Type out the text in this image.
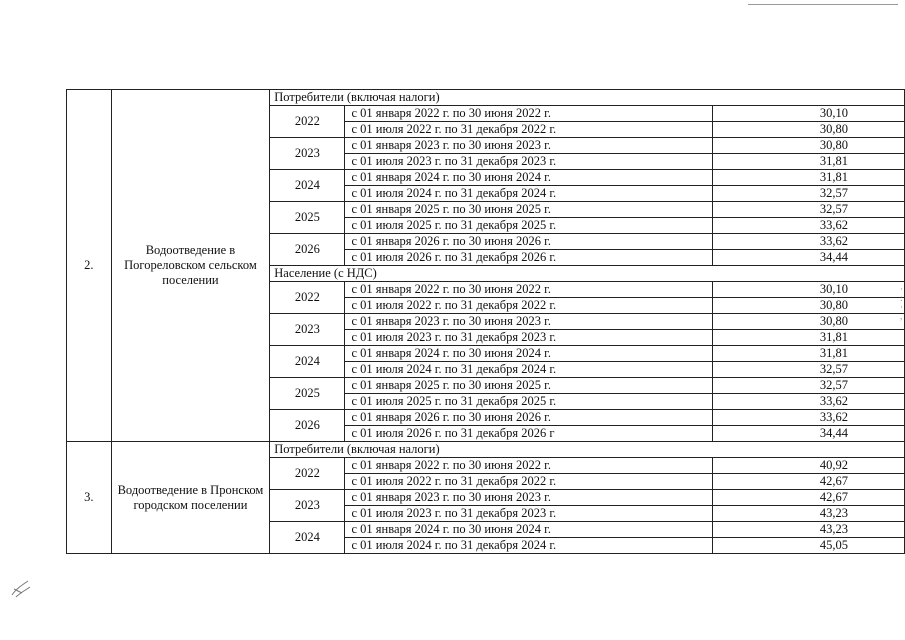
2.	Водоотведение в Погореловском сельском поселении	Потребители (включая налоги)		
		2022	с 01 января 2022 г. по 30 июня 2022 г.	30,10
			с 01 июля 2022 г. по 31 декабря 2022 г.	30,80
		2023	с 01 января 2023 г. по 30 июня 2023 г.	30,80
			с 01 июля 2023 г. по 31 декабря 2023 г.	31,81
		2024	с 01 января 2024 г. по 30 июня 2024 г.	31,81
			с 01 июля 2024 г. по 31 декабря 2024 г.	32,57
		2025	с 01 января 2025 г. по 30 июня 2025 г.	32,57
			с 01 июля 2025 г. по 31 декабря 2025 г.	33,62
		2026	с 01 января 2026 г. по 30 июня 2026 г.	33,62
			с 01 июля 2026 г. по 31 декабря 2026 г.	34,44
		Население (с НДС)		
		2022	с 01 января 2022 г. по 30 июня 2022 г.	30,10
			с 01 июля 2022 г. по 31 декабря 2022 г.	30,80
		2023	с 01 января 2023 г. по 30 июня 2023 г.	30,80
			с 01 июля 2023 г. по 31 декабря 2023 г.	31,81
		2024	с 01 января 2024 г. по 30 июня 2024 г.	31,81
			с 01 июля 2024 г. по 31 декабря 2024 г.	32,57
		2025	с 01 января 2025 г. по 30 июня 2025 г.	32,57
			с 01 июля 2025 г. по 31 декабря 2025 г.	33,62
		2026	с 01 января 2026 г. по 30 июня 2026 г.	33,62
			с 01 июля 2026 г. по 31 декабря 2026 г	34,44
3.	Водоотведение в Пронском городском поселении	Потребители (включая налоги)		
		2022	с 01 января 2022 г. по 30 июня 2022 г.	40,92
			с 01 июля 2022 г. по 31 декабря 2022 г.	42,67
		2023	с 01 января 2023 г. по 30 июня 2023 г.	42,67
			с 01 июля 2023 г. по 31 декабря 2023 г.	43,23
		2024	с 01 января 2024 г. по 30 июня 2024 г.	43,23
			с 01 июля 2024 г. по 31 декабря 2024 г.	45,05
·
:
·
,
